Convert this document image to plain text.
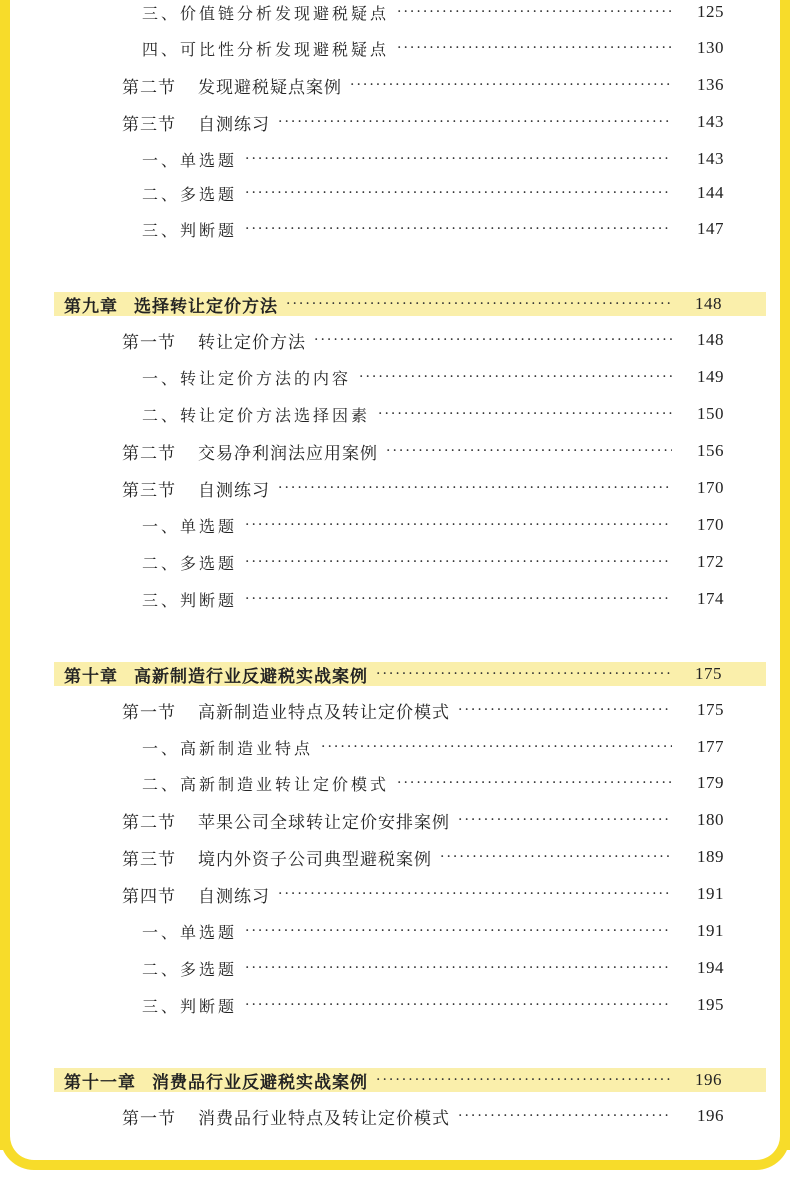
三、价值链分析发现避税疑点 ·····	125
四、可比性分析发现避税疑点 ·····	130
第二节 发现避税疑点案例 ·····	136
第三节 自测练习 ·····	143
一、单选题 ·····	143
二、多选题 ·····	144
三、判断题 ·····	147
第九章 选择转让定价方法 ·····	148
第一节 转让定价方法 ·····	148
一、转让定价方法的内容 ·····	149
二、转让定价方法选择因素 ·····	150
第二节 交易净利润法应用案例 ·····	156
第三节 自测练习 ·····	170
一、单选题 ·····	170
二、多选题 ·····	172
三、判断题 ·····	174
第十章 高新制造行业反避税实战案例 ·····	175
第一节 高新制造业特点及转让定价模式 ·····	175
一、高新制造业特点 ·····	177
二、高新制造业转让定价模式 ·····	179
第二节 苹果公司全球转让定价安排案例 ·····	180
第三节 境内外资子公司典型避税案例 ·····	189
第四节 自测练习 ·····	191
一、单选题 ·····	191
二、多选题 ·····	194
三、判断题 ·····	195
第十一章 消费品行业反避税实战案例 ·····	196
第一节 消费品行业特点及转让定价模式 ·····	196
